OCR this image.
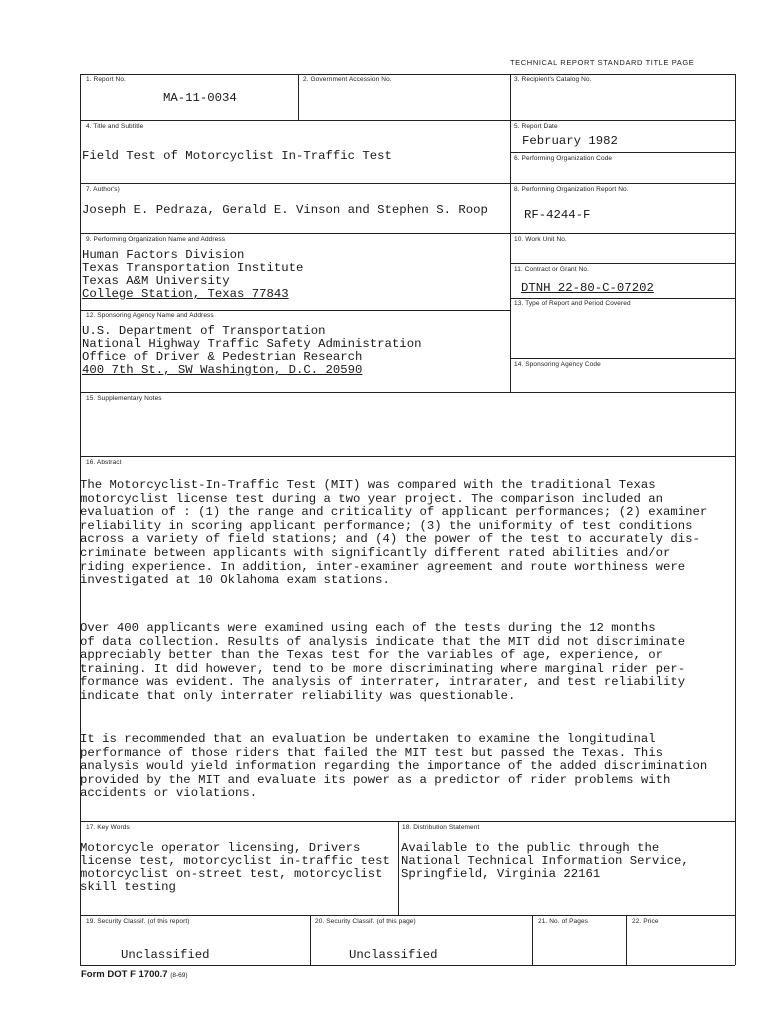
TECHNICAL REPORT STANDARD TITLE PAGE
1. Report No.
MA-11-0034
2. Government Accession No.	3. Recipient's Catalog No.
4. Title and Subtitle
Field Test of Motorcyclist In-Traffic Test
5. Report Date
February 1982
6. Performing Organization Code
7. Author's)
Joseph E. Pedraza, Gerald E. Vinson and Stephen S. Roop
8. Performing Organization Report No.
RF-4244-F
9. Performing Organization Name and Address
Human Factors Division
Texas Transportation Institute
Texas A&M University
College Station, Texas 77843
10. Work Unit No.
11. Contract or Grant No.
DTNH 22-80-C-07202
13. Type of Report and Period Covered
12. Sponsoring Agency Name and Address
U.S. Department of Transportation
National Highway Traffic Safety Administration
Office of Driver & Pedestrian Research
400 7th St., SW Washington, D.C. 20590	14. Sponsoring Agency Code
15. Supplementary Notes
16. Abstract
The Motorcyclist-In-Traffic Test (MIT) was compared with the traditional Texas
motorcyclist license test during a two year project. The comparison included an
evaluation of : (1) the range and criticality of applicant performances; (2) examiner
reliability in scoring applicant performance; (3) the uniformity of test conditions
across a variety of field stations; and (4) the power of the test to accurately dis-
criminate between applicants with significantly different rated abilities and/or
riding experience. In addition, inter-examiner agreement and route worthiness were
investigated at 10 Oklahoma exam stations.
Over 400 applicants were examined using each of the tests during the 12 months
of data collection. Results of analysis indicate that the MIT did not discriminate
appreciably better than the Texas test for the variables of age, experience, or
training. It did however, tend to be more discriminating where marginal rider per-
formance was evident. The analysis of interrater, intrarater, and test reliability
indicate that only interrater reliability was questionable.
It is recommended that an evaluation be undertaken to examine the longitudinal
performance of those riders that failed the MIT test but passed the Texas. This
analysis would yield information regarding the importance of the added discrimination
provided by the MIT and evaluate its power as a predictor of rider problems with
accidents or violations.
17. Key Words
Motorcycle operator licensing, Drivers
license test, motorcyclist in-traffic test
motorcyclist on-street test, motorcyclist
skill testing
18. Distribution Statement
Available to the public through the
National Technical Information Service,
Springfield, Virginia 22161
19. Security Classif. (of this report)
Unclassified
20. Security Classif. (of this page)
Unclassified
21. No. of Pages	22. Price
Form DOT F 1700.7 (8-69)
